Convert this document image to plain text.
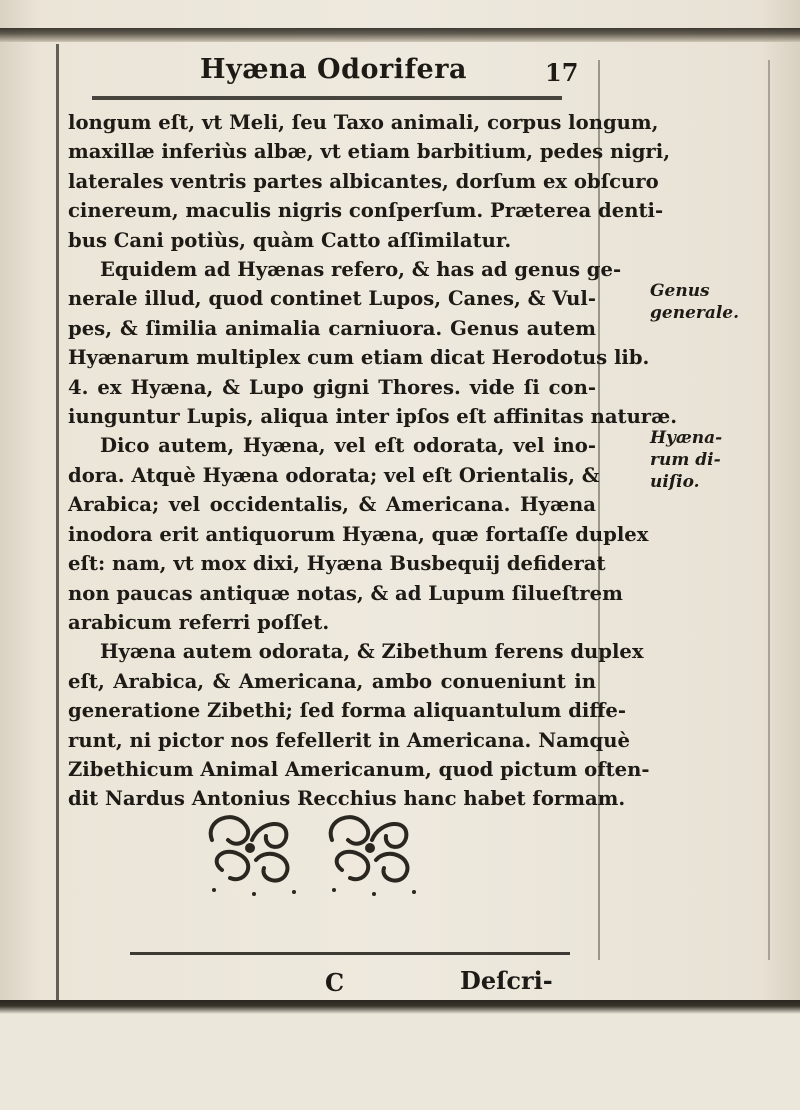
Hyæna Odorifera	17

longum eſt, vt Meli, ſeu Taxo animali, corpus longum,
maxillæ inferiùs albæ, vt etiam barbitium, pedes nigri,
laterales ventris partes albicantes, dorſum ex obſcuro
cinereum, maculis nigris conſperſum. Præterea denti-
bus Cani potiùs, quàm Catto aſſimilatur.

Equidem ad Hyænas refero, & has ad genus ge-
nerale illud, quod continet Lupos, Canes, & Vul-
pes, & ſimilia animalia carniuora. Genus autem
Hyænarum multiplex cum etiam dicat Herodotus lib.
4. ex Hyæna, & Lupo gigni Thores. vide ſi con-
iunguntur Lupis, aliqua inter ipſos eſt affinitas naturæ.

Dico autem, Hyæna, vel eſt odorata, vel ino-
dora. Atquè Hyæna odorata; vel eſt Orientalis, &
Arabica; vel occidentalis, & Americana. Hyæna
inodora erit antiquorum Hyæna, quæ fortaſſe duplex
eſt: nam, vt mox dixi, Hyæna Busbequij defiderat
non paucas antiquæ notas, & ad Lupum ſilueſtrem
arabicum referri poſſet.

Hyæna autem odorata, & Zibethum ferens duplex
eſt, Arabica, & Americana, ambo conueniunt in
generatione Zibethi; ſed forma aliquantulum diffe-
runt, ni pictor nos fefellerit in Americana. Namquè
Zibethicum Animal Americanum, quod pictum often-
dit Nardus Antonius Recchius hanc habet formam.

Genus
generale.
Hyæna-
rum di-
uiſio.
C	Deſcri-
